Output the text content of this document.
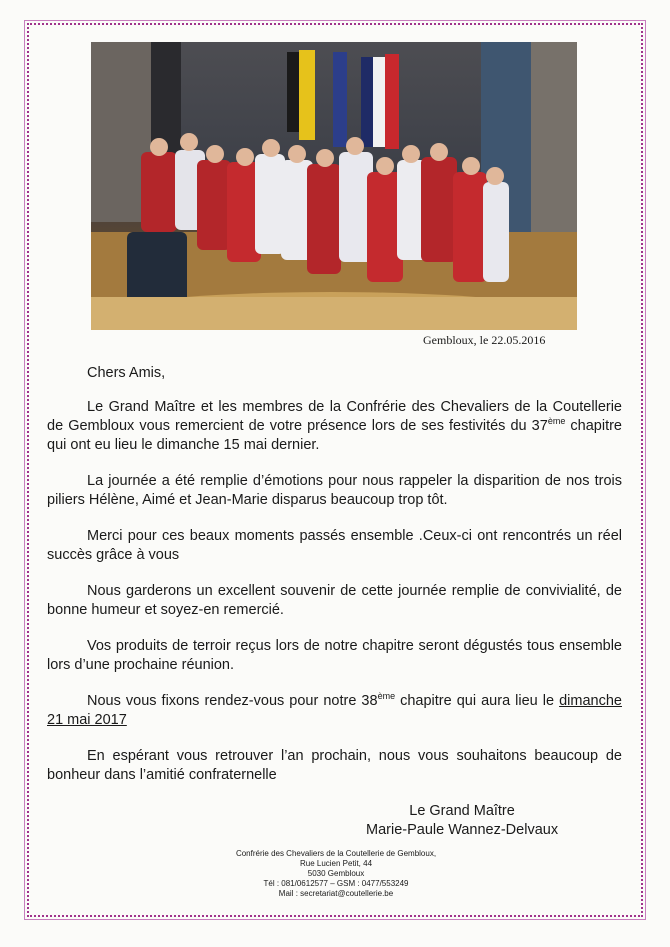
Gembloux, le 22.05.2016

Chers Amis,

Le Grand Maître et les membres de la Confrérie des Chevaliers de la Coutellerie de Gembloux vous remercient de votre présence lors de ses festivités du 37ème chapitre qui ont eu lieu le dimanche 15 mai dernier.

La journée a été remplie d’émotions pour nous rappeler la disparition de nos trois piliers Hélène, Aimé et Jean-Marie disparus beaucoup trop tôt.

Merci pour ces beaux moments passés ensemble .Ceux-ci ont rencontrés un réel succès grâce à vous

Nous garderons un excellent souvenir de cette journée remplie de convivialité, de bonne humeur et soyez-en remercié.

Vos produits de terroir reçus lors de notre chapitre seront dégustés tous ensemble lors d’une prochaine réunion.

Nous vous fixons rendez-vous pour notre 38ème chapitre qui aura lieu le dimanche 21 mai 2017

En espérant vous retrouver l’an prochain, nous vous souhaitons beaucoup de bonheur dans l’amitié confraternelle

Le Grand Maître
Marie-Paule Wannez-Delvaux
Confrérie des Chevaliers de la Coutellerie de Gembloux,
Rue Lucien Petit, 44
5030 Gembloux
Tél : 081/0612577 – GSM : 0477/553249
Mail : secretariat@coutellerie.be
